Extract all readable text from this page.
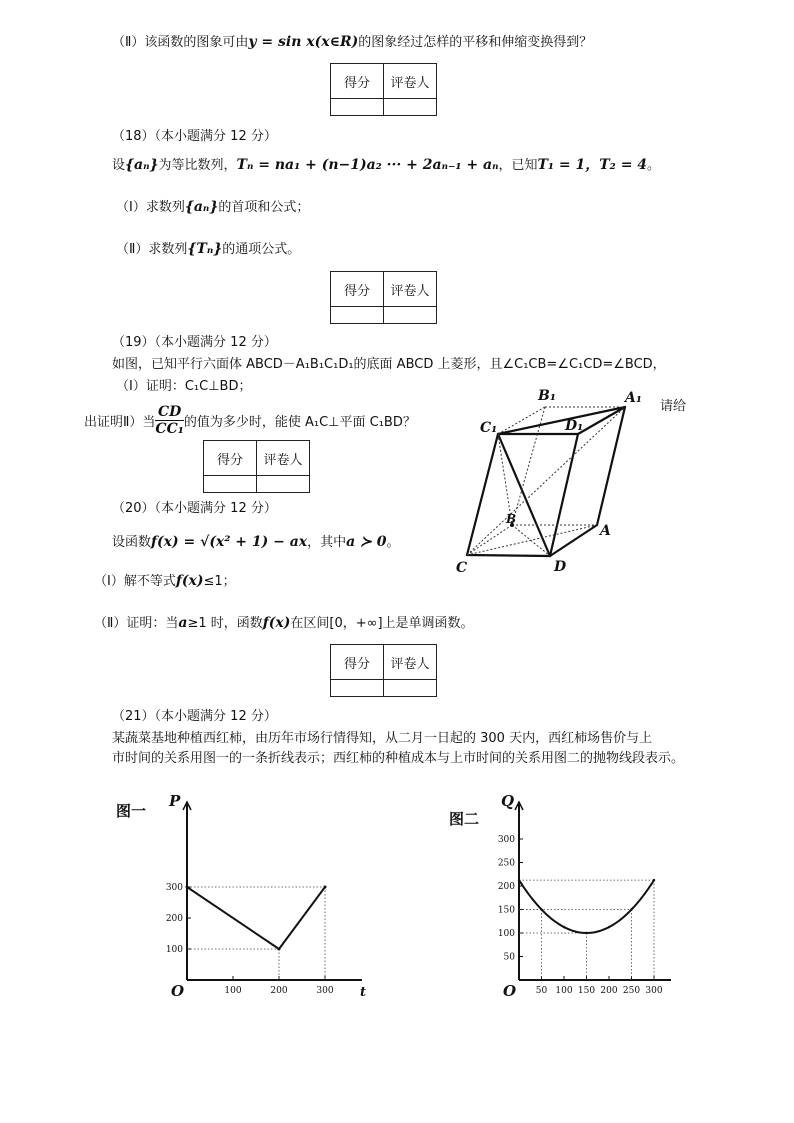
（Ⅱ）该函数的图象可由y = sin x(x∈R)的图象经过怎样的平移和伸缩变换得到？
得分	评卷人

（18）（本小题满分 12 分）
设{aₙ}为等比数列，Tₙ = na₁ + (n−1)a₂ ··· + 2aₙ₋₁ + aₙ，已知T₁ = 1，T₂ = 4。
（Ⅰ）求数列{aₙ}的首项和公式；
（Ⅱ）求数列{Tₙ}的通项公式。
得分	评卷人

（19）（本小题满分 12 分）
如图，已知平行六面体 ABCD－A₁B₁C₁D₁的底面 ABCD 上菱形，且∠C₁CB=∠C₁CD=∠BCD，
（Ⅰ）证明：C₁C⊥BD；
出证明Ⅱ）当 $\frac{CD}{\text{CC₁}}$ 的值为多少时，能使 A₁C⊥平面 C₁BD？
请给
得分	评卷人

B₁	A₁
C₁	D₁
B
A
C	D
（20）（本小题满分 12 分）
设函数f(x) = √(x² + 1) − ax，其中a ≻ 0。
（Ⅰ）解不等式f(x)≤1；
（Ⅱ）证明：当a≥1 时，函数f(x)在区间[0，+∞]上是单调函数。
得分	评卷人

（21）（本小题满分 12 分）
某蔬菜基地种植西红柿，由历年市场行情得知，从二月一日起的 300 天内，西红柿场售价与上
市时间的关系用图一的一条折线表示；西红柿的种植成本与上市时间的关系用图二的抛物线段表示。
图一
P
t
O
100
200
300
100	200	300
图二
Q
O
50
100
150
200
250
300
50 100 150 200 250 300
